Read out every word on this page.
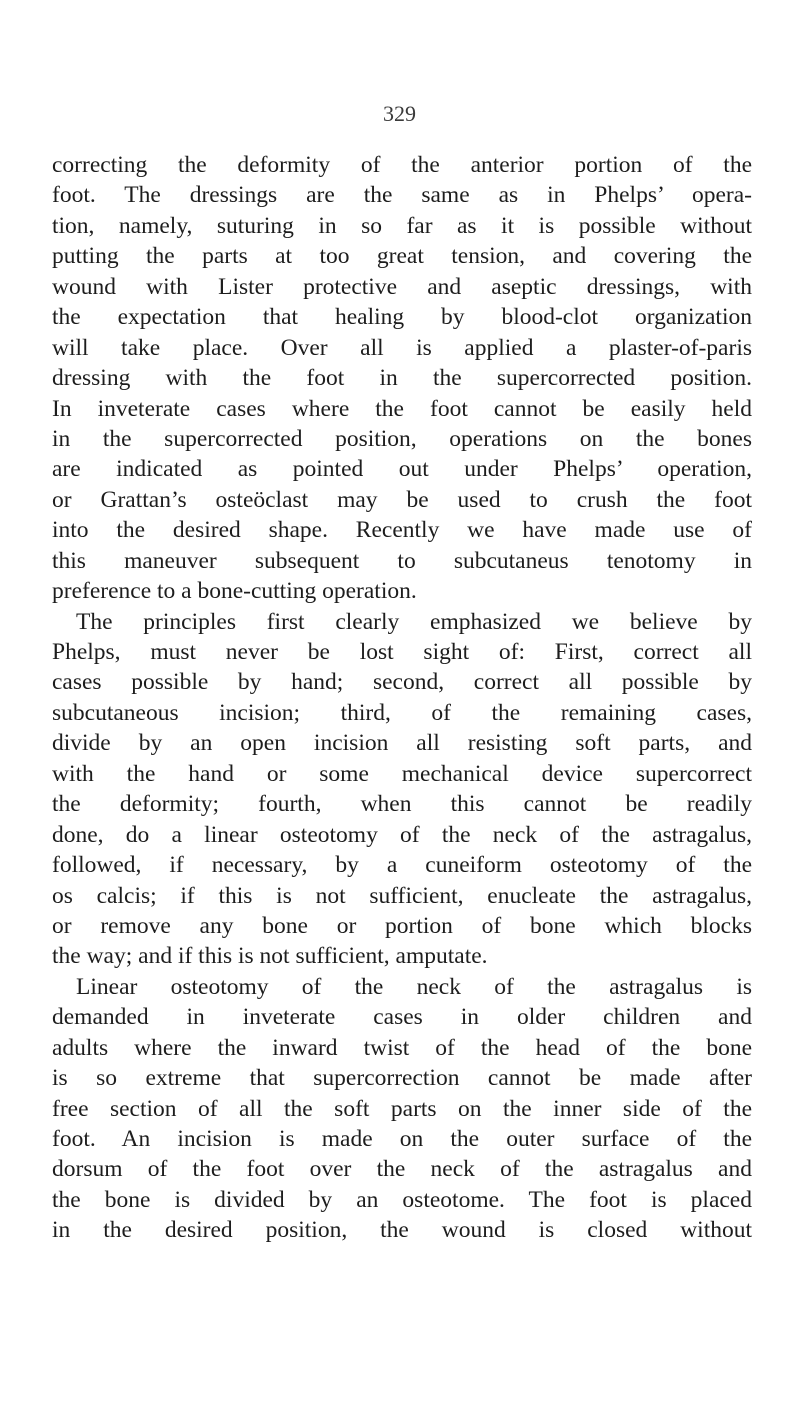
329
correcting the deformity of the anterior portion of the
foot. The dressings are the same as in Phelps’ opera-
tion, namely, suturing in so far as it is possible without
putting the parts at too great tension, and covering the
wound with Lister protective and aseptic dressings, with
the expectation that healing by blood-clot organization
will take place. Over all is applied a plaster-of-paris
dressing with the foot in the supercorrected position.
In inveterate cases where the foot cannot be easily held
in the supercorrected position, operations on the bones
are indicated as pointed out under Phelps’ operation,
or Grattan’s osteöclast may be used to crush the foot
into the desired shape. Recently we have made use of
this maneuver subsequent to subcutaneus tenotomy in
preference to a bone-cutting operation.
The principles first clearly emphasized we believe by
Phelps, must never be lost sight of: First, correct all
cases possible by hand; second, correct all possible by
subcutaneous incision; third, of the remaining cases,
divide by an open incision all resisting soft parts, and
with the hand or some mechanical device supercorrect
the deformity; fourth, when this cannot be readily
done, do a linear osteotomy of the neck of the astragalus,
followed, if necessary, by a cuneiform osteotomy of the
os calcis; if this is not sufficient, enucleate the astragalus,
or remove any bone or portion of bone which blocks
the way; and if this is not sufficient, amputate.
Linear osteotomy of the neck of the astragalus is
demanded in inveterate cases in older children and
adults where the inward twist of the head of the bone
is so extreme that supercorrection cannot be made after
free section of all the soft parts on the inner side of the
foot. An incision is made on the outer surface of the
dorsum of the foot over the neck of the astragalus and
the bone is divided by an osteotome. The foot is placed
in the desired position, the wound is closed without
